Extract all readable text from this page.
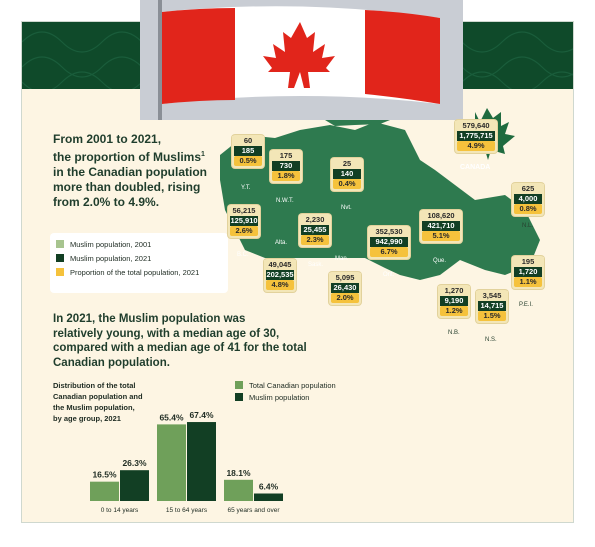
From 2001 to 2021,
the proportion of Muslims$^1$
in the Canadian population
more than doubled, rising
from 2.0% to 4.9%.
Muslim population, 2001
Muslim population, 2021
Proportion of the total population, 2021
In 2021, the Muslim population was
relatively young, with a median age of 30,
compared with a median age of 41 for the total
Canadian population.
Distribution of the total
Canadian population and
the Muslim population,
by age group, 2021
Total Canadian population
Muslim population
16.5%
26.3%
0 to 14 years
65.4% 67.4%
15 to 64 years
18.1%
6.4%
65 years and over
60
185
0.5%
Y.T.
175
730
1.8%
N.W.T.
25
140
0.4%
Nvt.
56,215
125,910
2.6%
B.C.
49,045
202,535
4.8%
Alta.
2,230
25,455
2.3%
Sask.
Man.
5,095
26,430
2.0%
352,530
942,990
6.7%
Ont.
108,620
421,710
5.1%
Que.
579,640
1,775,715
4.9%
CANADA
625
4,000
0.8%
N.L.
195
1,720
1.1%
P.E.I.
1,270
9,190
1.2%
N.B.
3,545
14,715
1.5%
N.S.
